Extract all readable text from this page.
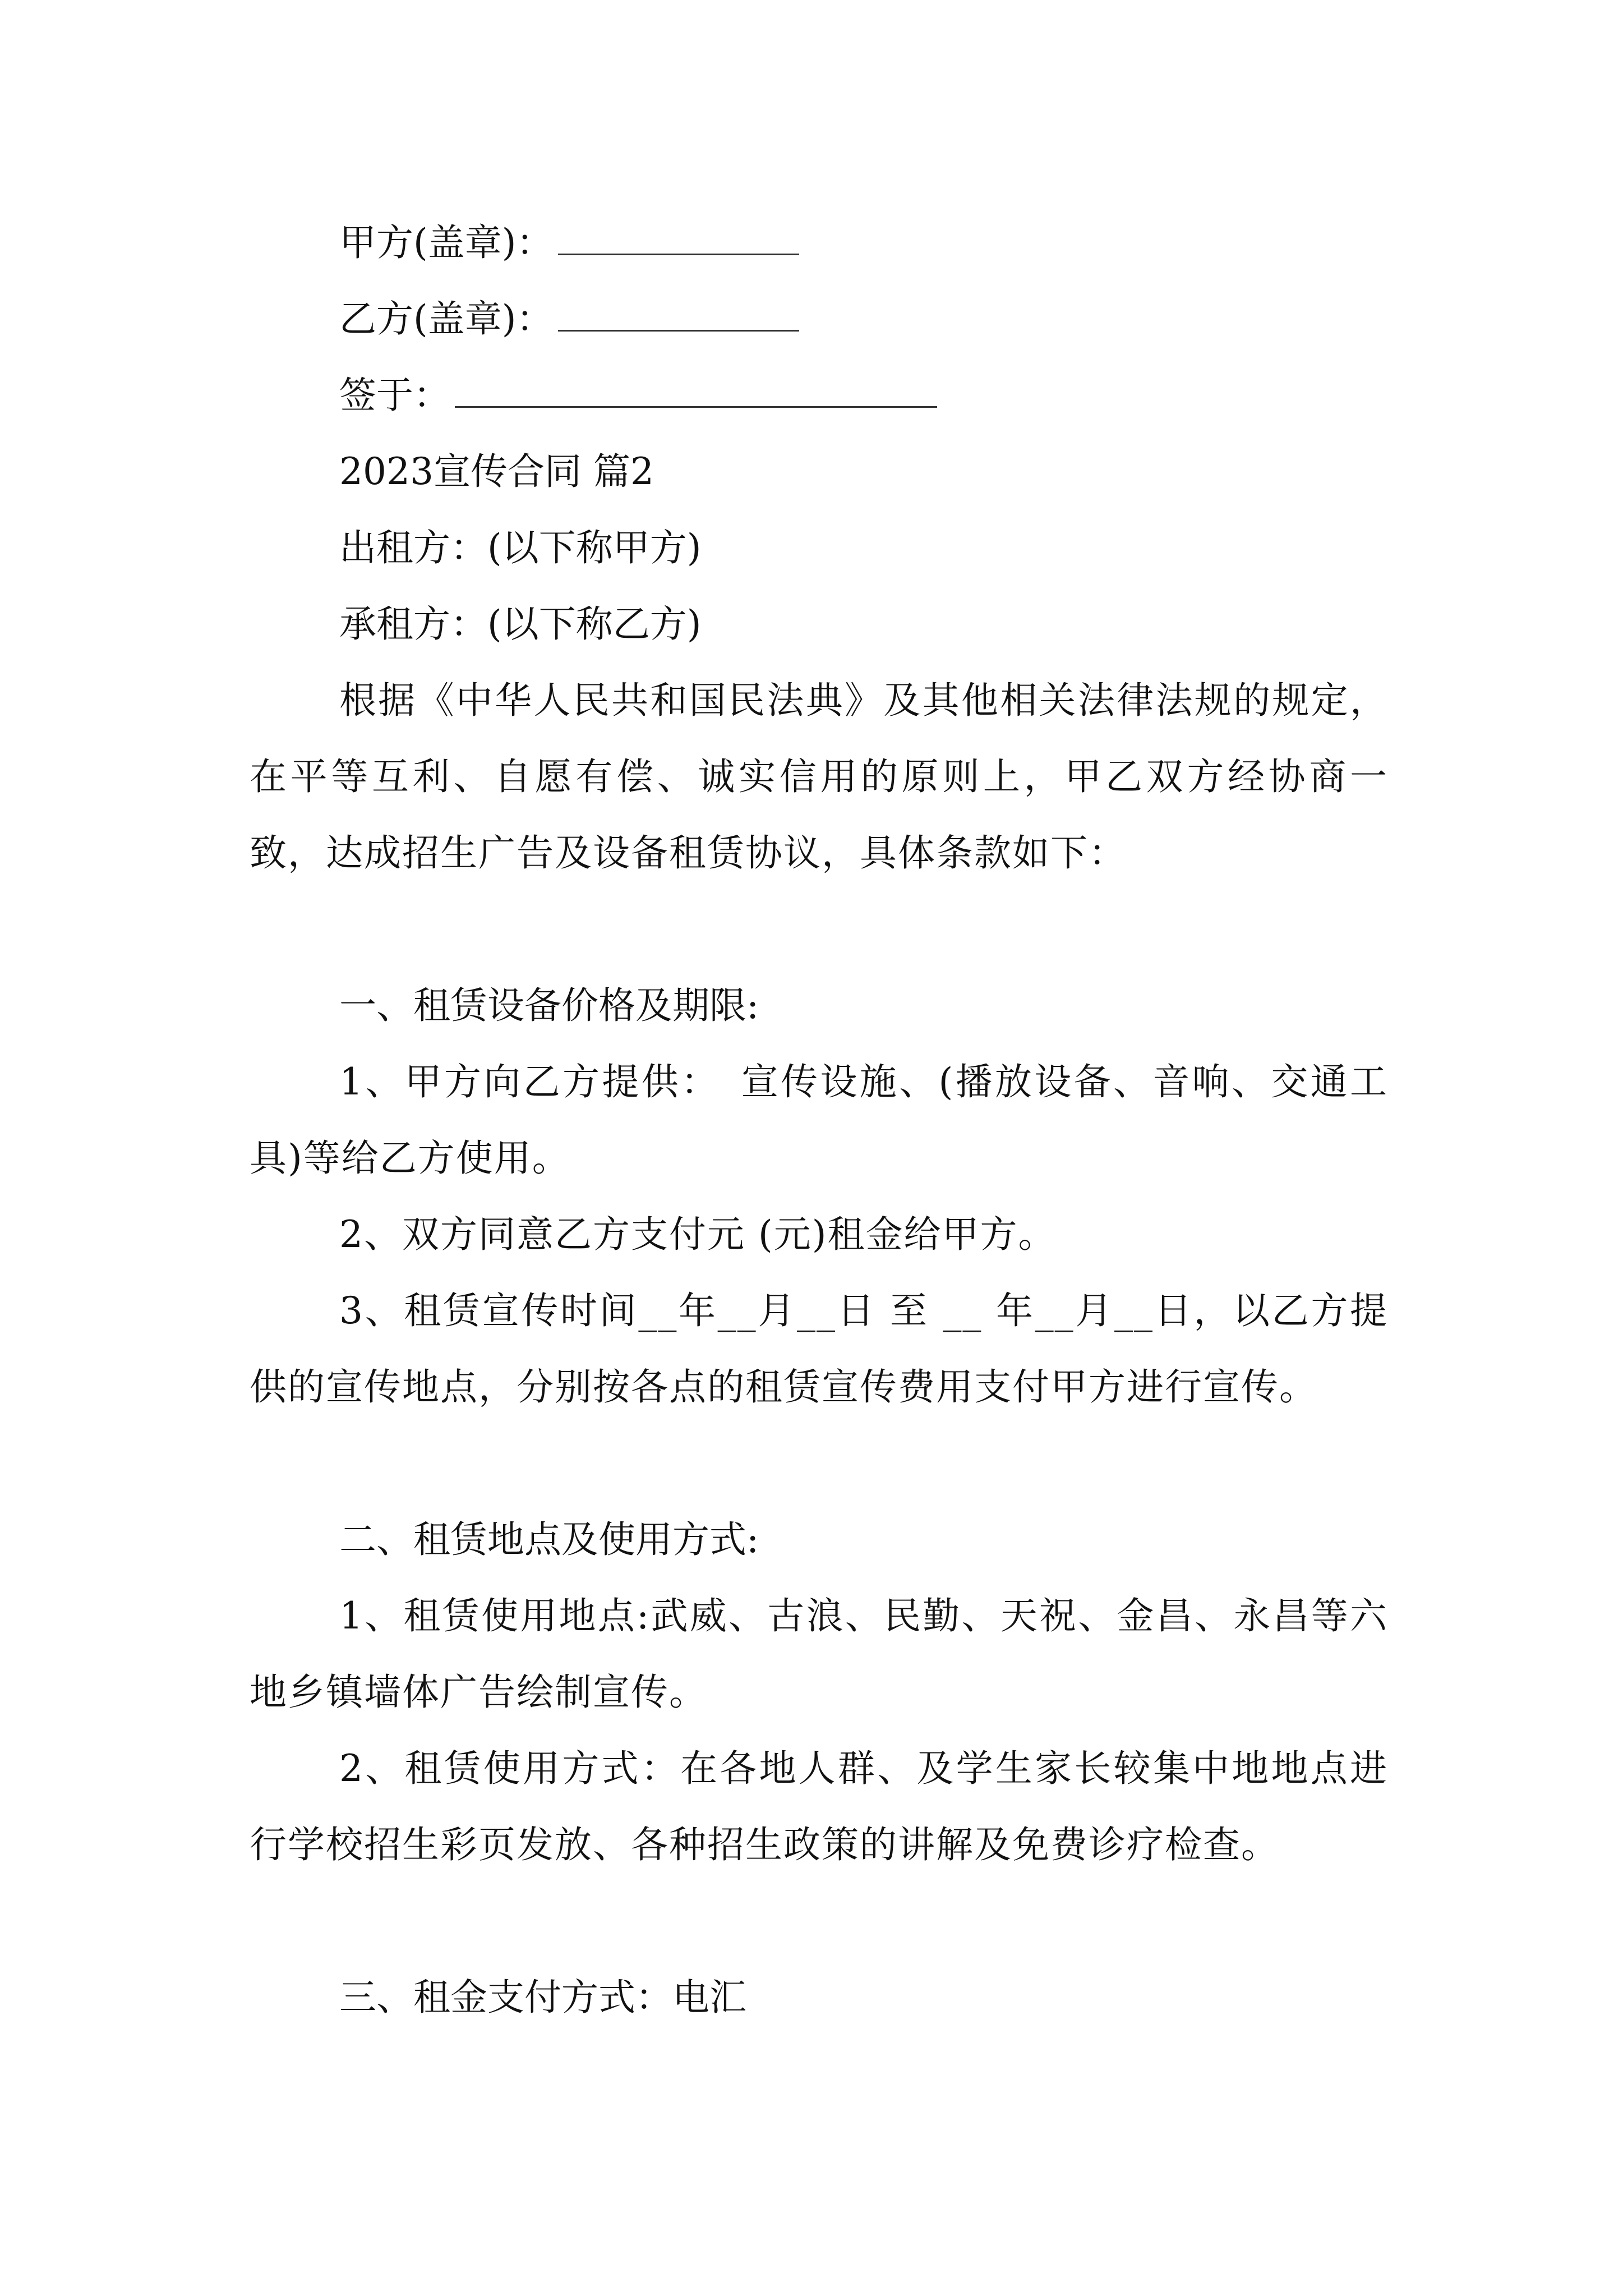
甲方(盖章)：
乙方(盖章)：
签于：
2023宣传合同 篇2
出租方：(以下称甲方)
承租方：(以下称乙方)
根据《中华人民共和国民法典》及其他相关法律法规的规定，在平等互利、自愿有偿、诚实信用的原则上，甲乙双方经协商一致，达成招生广告及设备租赁协议，具体条款如下：
一、租赁设备价格及期限:
1、甲方向乙方提供：　宣传设施、(播放设备、音响、交通工具)等给乙方使用。
2、双方同意乙方支付元 (元)租金给甲方。
3、租赁宣传时间__年__月__日 至 __ 年__月__日，以乙方提供的宣传地点，分别按各点的租赁宣传费用支付甲方进行宣传。
二、租赁地点及使用方式:
1、租赁使用地点:武威、古浪、民勤、天祝、金昌、永昌等六地乡镇墙体广告绘制宣传。
2、租赁使用方式：在各地人群、及学生家长较集中地地点进行学校招生彩页发放、各种招生政策的讲解及免费诊疗检查。
三、租金支付方式：电汇
